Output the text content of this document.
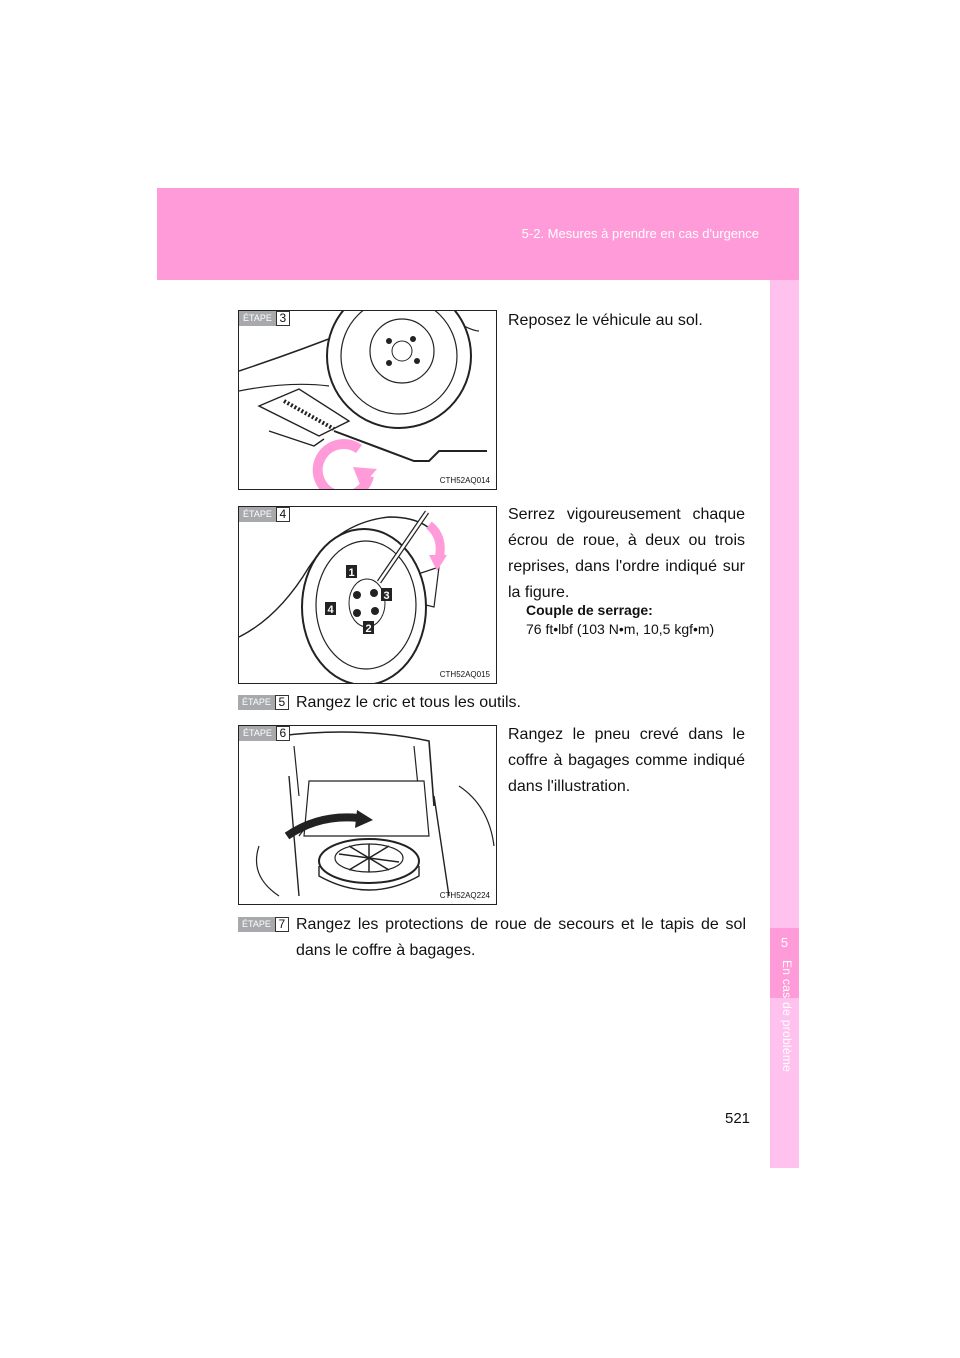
5-2. Mesures à prendre en cas d'urgence
5
En cas de problème
ÉTAPE 3
CTH52AQ014
Reposez le véhicule au sol.
1
2
3
4
ÉTAPE 4
CTH52AQ015
Serrez vigoureusement chaque écrou de roue, à deux ou trois reprises, dans l'ordre indiqué sur la figure.
Couple de serrage:
76 ft•lbf (103 N•m, 10,5 kgf•m)
ÉTAPE 5 Rangez le cric et tous les outils.
ÉTAPE 6
CTH52AQ224
Rangez le pneu crevé dans le coffre à bagages comme indiqué dans l'illustration.
ÉTAPE 7 Rangez les protections de roue de secours et le tapis de sol dans le coffre à bagages.
521
